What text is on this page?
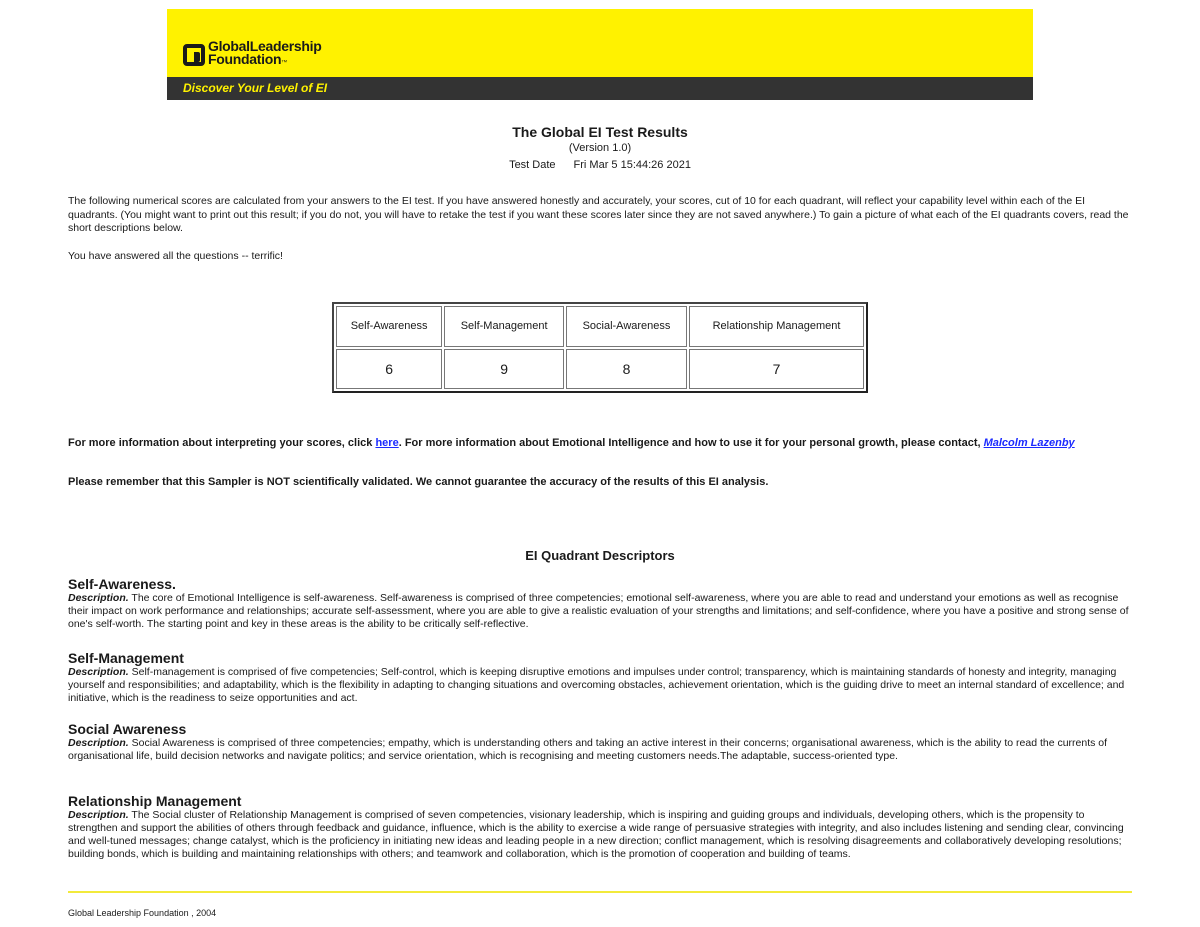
GlobalLeadership
Foundation™
Discover Your Level of EI
The Global EI Test Results
(Version 1.0)
Test Date Fri Mar 5 15:44:26 2021
The following numerical scores are calculated from your answers to the EI test. If you have answered honestly and accurately, your scores, cut of 10 for each quadrant, will reflect your capability level within each of the EI quadrants. (You might want to print out this result; if you do not, you will have to retake the test if you want these scores later since they are not saved anywhere.) To gain a picture of what each of the EI quadrants covers, read the short descriptions below.
You have answered all the questions -- terrific!
Self-Awareness	Self-Management	Social-Awareness	Relationship Management
6	9	8	7
For more information about interpreting your scores, click here. For more information about Emotional Intelligence and how to use it for your personal growth, please contact, Malcolm Lazenby
Please remember that this Sampler is NOT scientifically validated. We cannot guarantee the accuracy of the results of this EI analysis.
EI Quadrant Descriptors
Self-Awareness.

Description. The core of Emotional Intelligence is self-awareness. Self-awareness is comprised of three competencies; emotional self-awareness, where you are able to read and understand your emotions as well as recognise their impact on work performance and relationships; accurate self-assessment, where you are able to give a realistic evaluation of your strengths and limitations; and self-confidence, where you have a positive and strong sense of one's self-worth. The starting point and key in these areas is the ability to be critically self-reflective.

Self-Management

Description. Self-management is comprised of five competencies; Self-control, which is keeping disruptive emotions and impulses under control; transparency, which is maintaining standards of honesty and integrity, managing yourself and responsibilities; and adaptability, which is the flexibility in adapting to changing situations and overcoming obstacles, achievement orientation, which is the guiding drive to meet an internal standard of excellence; and initiative, which is the readiness to seize opportunities and act.

Social Awareness

Description. Social Awareness is comprised of three competencies; empathy, which is understanding others and taking an active interest in their concerns; organisational awareness, which is the ability to read the currents of organisational life, build decision networks and navigate politics; and service orientation, which is recognising and meeting customers needs.The adaptable, success-oriented type.

Relationship Management

Description. The Social cluster of Relationship Management is comprised of seven competencies, visionary leadership, which is inspiring and guiding groups and individuals, developing others, which is the propensity to strengthen and support the abilities of others through feedback and guidance, influence, which is the ability to exercise a wide range of persuasive strategies with integrity, and also includes listening and sending clear, convincing and well-tuned messages; change catalyst, which is the proficiency in initiating new ideas and leading people in a new direction; conflict management, which is resolving disagreements and collaboratively developing resolutions; building bonds, which is building and maintaining relationships with others; and teamwork and collaboration, which is the promotion of cooperation and building of teams.

Global Leadership Foundation , 2004
